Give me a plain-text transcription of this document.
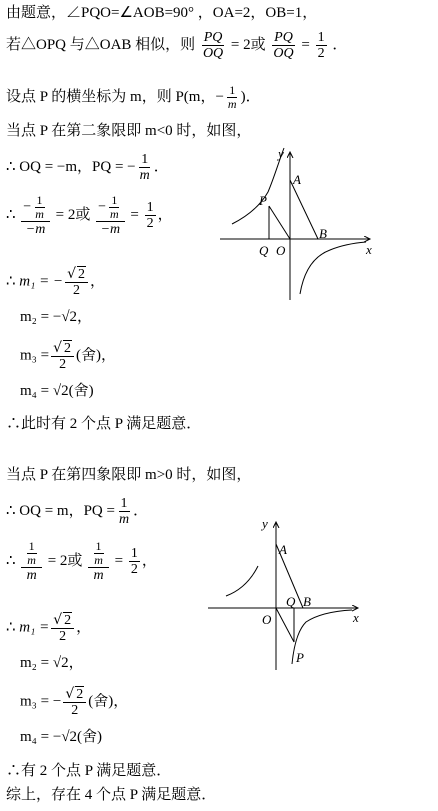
由题意，∠PQO=∠AOB=90° ，OA=2，OB=1，
若△OPQ 与△OAB 相似，则 $\frac{PQ}{OQ} = 2$或 $\frac{PQ}{OQ} = \frac{1}{2}$ ．
设点 P 的横坐标为 m，则 P(m，− $\frac{1}{m}$ )．
当点 P 在第二象限即 m<0 时，如图，
∴ OQ = −m，PQ = − $\frac{1}{m}$ ．
∴ $\frac{- \frac{1}{m}}{-m} = 2$或 $\frac{- \frac{1}{m}}{-m} = \frac{1}{2}$ ，
∴ m₁ = − $\frac{√ 2}{2}$ ，
m₂ = −√2，
$m_3 = \frac{√ 2}{2}$ (舍)，
m₄ = √2(舍)
∴此时有 2 个点 P 满足题意．
y
x
A
B
P
Q O
当点 P 在第四象限即 m>0 时，如图，
∴ OQ = m，PQ = $\frac{1}{m}$ ．
∴ $\frac{\frac{1}{m}}{m} = 2$或 $\frac{\frac{1}{m}}{m} = \frac{1}{2}$ ，
∴ $m_1 = \frac{√ 2}{2}$ ，
m₂ = √2，
m₃ = − $\frac{√ 2}{2}$ (舍)，
m₄ = −√2(舍)
∴有 2 个点 P 满足题意．
综上，存在 4 个点 P 满足题意．
y
x
A
B
Q
O
P
